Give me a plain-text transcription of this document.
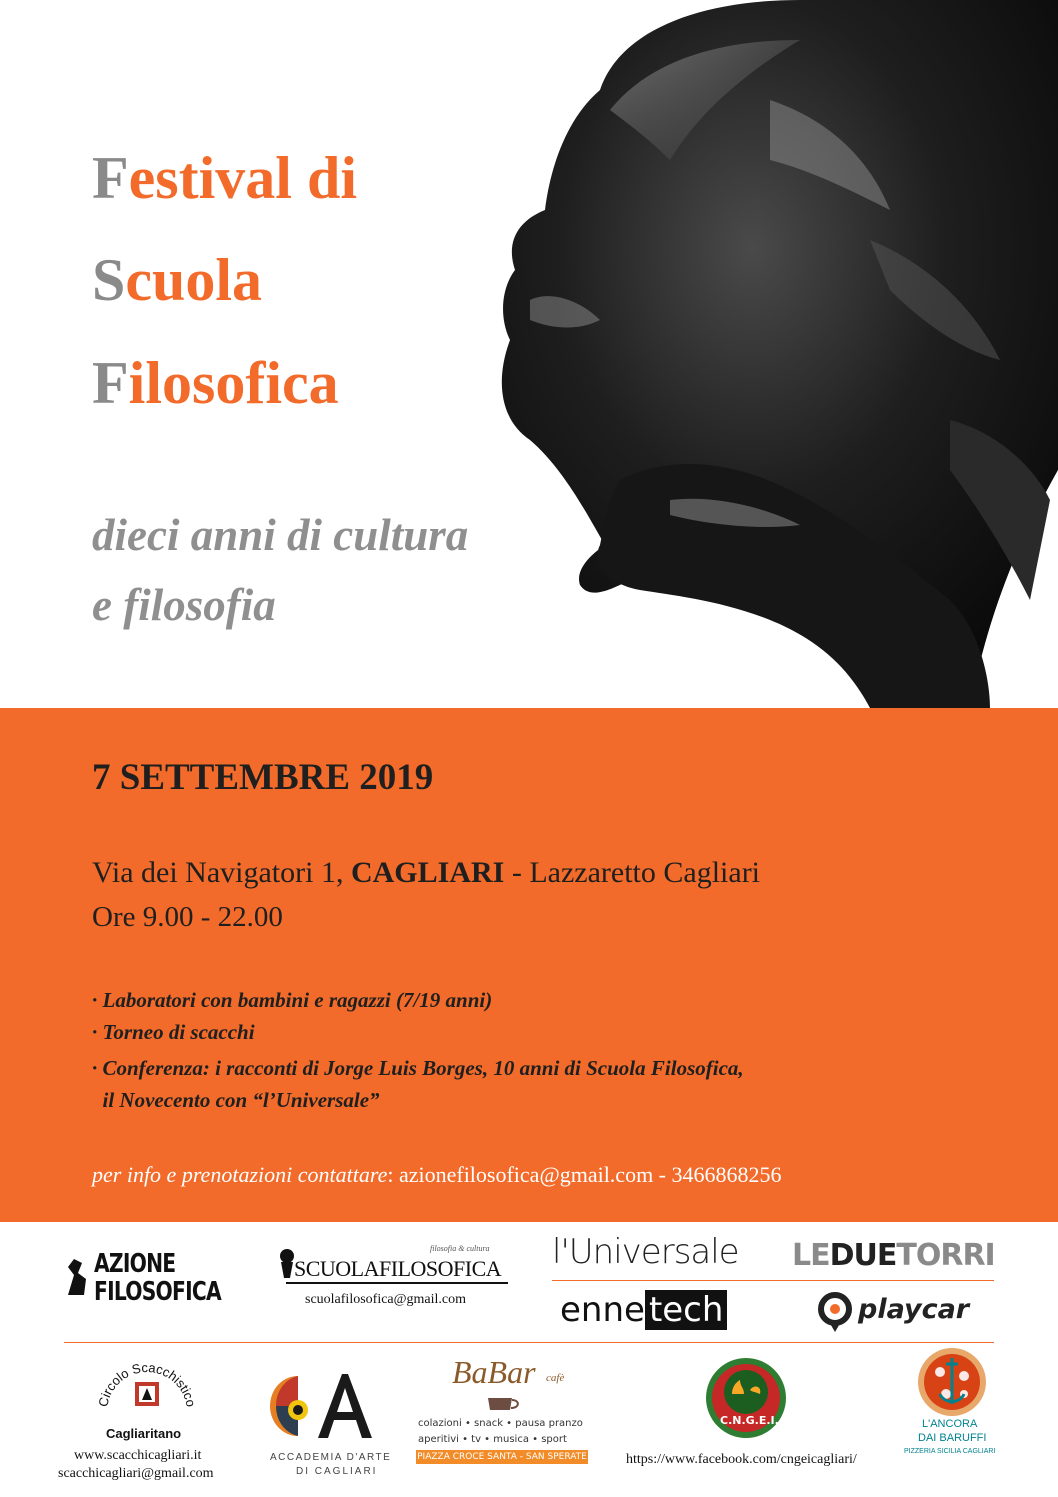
Festival di
Scuola
Filosofica
dieci anni di cultura
e filosofia
7 SETTEMBRE 2019
Via dei Navigatori 1, CAGLIARI - Lazzaretto Cagliari
Ore 9.00 - 22.00
· Laboratori con bambini e ragazzi (7/19 anni)
· Torneo di scacchi
· Conferenza: i racconti di Jorge Luis Borges, 10 anni di Scuola Filosofica,
il Novecento con “l’Universale”
per info e prenotazioni contattare: azionefilosofica@gmail.com - 3466868256
AZIONE
FILOSOFICA
SCUOLAFILOSOFICA
filosofia & cultura
scuolafilosofica@gmail.com
l'Universale LEDUETORRI
enne tech	playcar
Circolo Scacchistico
Cagliaritano
www.scacchicagliari.it
scacchicagliari@gmail.com
ACCADEMIA D'ARTE
DI CAGLIARI
BaBar cafè
colazioni • snack • pausa pranzo
aperitivi • tv • musica • sport
PIAZZA CROCE SANTA - SAN SPERATE
C.N.G.E.I.
https://www.facebook.com/cngeicagliari/
L'ANCORA
DAI BARUFFI
PIZZERIA SICILIA CAGLIARI
